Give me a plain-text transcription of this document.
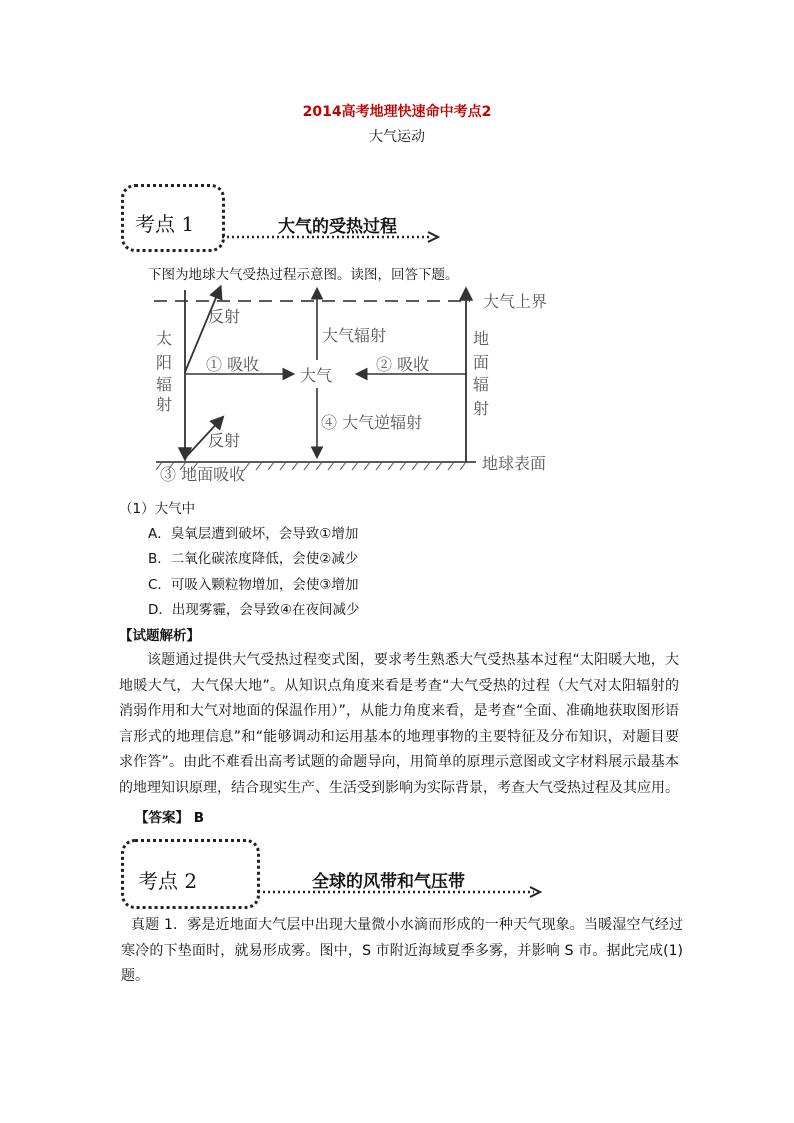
2014高考地理快速命中考点2
大气运动
考点 1	大气的受热过程
下图为地球大气受热过程示意图。读图，回答下题。
大气上界
地球表面
太
阳
辐
射
地
面
辐
射
反射
反射
① 吸收	② 吸收
大气
大气辐射
④ 大气逆辐射
③ 地面吸收
（1）大气中
A．臭氧层遭到破坏，会导致①增加
B．二氧化碳浓度降低，会使②减少
C．可吸入颗粒物增加，会使③增加
D．出现雾霾，会导致④在夜间减少
【试题解析】
该题通过提供大气受热过程变式图，要求考生熟悉大气受热基本过程“太阳暖大地，大地暖大气，大气保大地”。从知识点角度来看是考查“大气受热的过程（大气对太阳辐射的消弱作用和大气对地面的保温作用）”，从能力角度来看，是考查“全面、准确地获取图形语言形式的地理信息”和“能够调动和运用基本的地理事物的主要特征及分布知识，对题目要求作答”。由此不难看出高考试题的命题导向，用简单的原理示意图或文字材料展示最基本的地理知识原理，结合现实生产、生活受到影响为实际背景，考查大气受热过程及其应用。
【答案】 B
考点 2	全球的风带和气压带
真题 1．雾是近地面大气层中出现大量微小水滴而形成的一种天气现象。当暖湿空气经过寒冷的下垫面时，就易形成雾。图中，S 市附近海域夏季多雾，并影响 S 市。据此完成(1)题。
